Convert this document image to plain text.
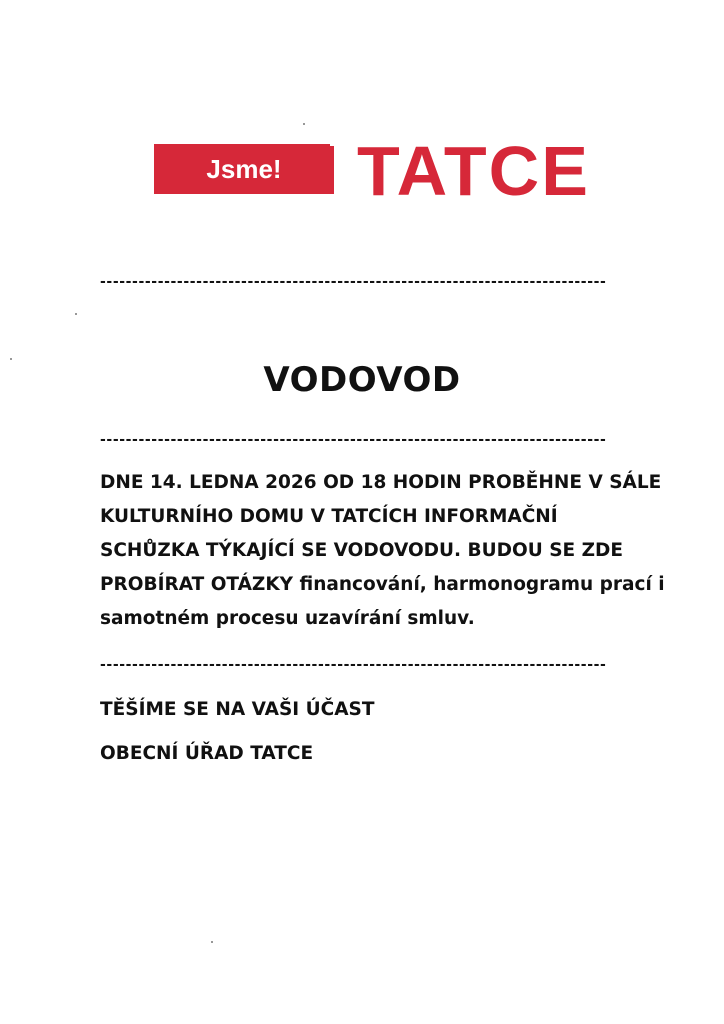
Jsme!	TATCE
-------------------------------------------------------------------------------
VODOVOD
-------------------------------------------------------------------------------
DNE 14. LEDNA 2026 OD 18 HODIN PROBĚHNE V SÁLE
KULTURNÍHO DOMU V TATCÍCH INFORMAČNÍ
SCHŮZKA TÝKAJÍCÍ SE VODOVODU. BUDOU SE ZDE
PROBÍRAT OTÁZKY financování, harmonogramu prací i
samotném procesu uzavírání smluv.
-------------------------------------------------------------------------------
TĚŠÍME SE NA VAŠI ÚČAST
OBECNÍ ÚŘAD TATCE
